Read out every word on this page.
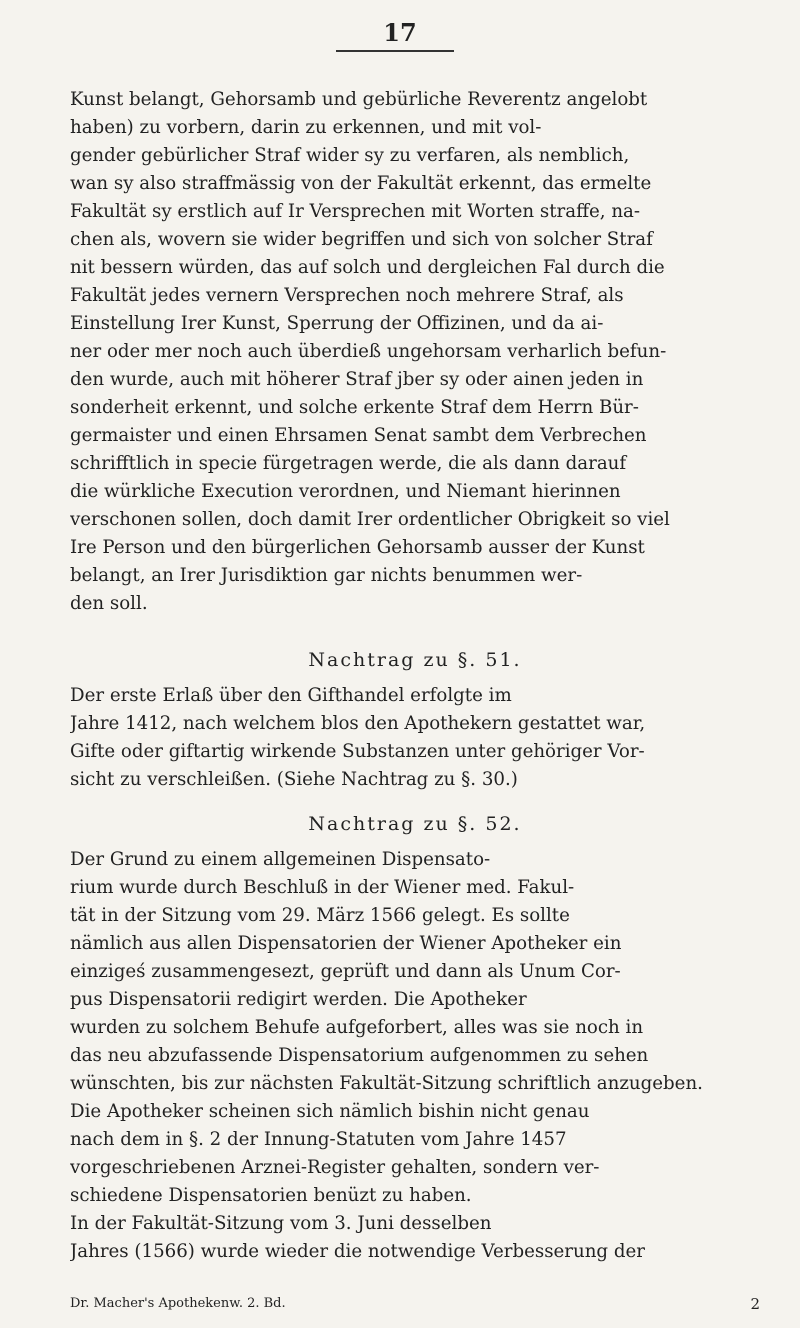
17
Kunst belangt, Gehorsamb und gebürliche Reverentz angelobt
haben) zu vorbern, darin zu erkennen, und mit vol-
gender gebürlicher Straf wider sy zu verfaren, als nemblich,
wan sy also straffmässig von der Fakultät erkennt, das ermelte
Fakultät sy erstlich auf Ir Versprechen mit Worten straffe, na-
chen als, wovern sie wider begriffen und sich von solcher Straf
nit bessern würden, das auf solch und dergleichen Fal durch die
Fakultät jedes vernern Versprechen noch mehrere Straf, als
Einstellung Irer Kunst, Sperrung der Offizinen, und da ai-
ner oder mer noch auch überdieß ungehorsam verharlich befun-
den wurde, auch mit höherer Straf jber sy oder ainen jeden in
sonderheit erkennt, und solche erkente Straf dem Herrn Bür-
germaister und einen Ehrsamen Senat sambt dem Verbrechen
schrifftlich in specie fürgetragen werde, die als dann darauf
die würkliche Execution verordnen, und Niemant hierinnen
verschonen sollen, doch damit Irer ordentlicher Obrigkeit so viel
Ire Person und den bürgerlichen Gehorsamb ausser der Kunst
belangt, an Irer Jurisdiktion gar nichts benummen wer-
den soll.
Nachtrag zu §. 51.
Der erste Erlaß über den Gifthandel erfolgte im
Jahre 1412, nach welchem blos den Apothekern gestattet war,
Gifte oder giftartig wirkende Substanzen unter gehöriger Vor-
sicht zu verschleißen. (Siehe Nachtrag zu §. 30.)
Nachtrag zu §. 52.
Der Grund zu einem allgemeinen Dispensato-
rium wurde durch Beschluß in der Wiener med. Fakul-
tät in der Sitzung vom 29. März 1566 gelegt. Es sollte
nämlich aus allen Dispensatorien der Wiener Apotheker ein
einzigeś zusammengesezt, geprüft und dann als Unum Cor-
pus Dispensatorii redigirt werden. Die Apotheker
wurden zu solchem Behufe aufgeforbert, alles was sie noch in
das neu abzufassende Dispensatorium aufgenommen zu sehen
wünschten, bis zur nächsten Fakultät-Sitzung schriftlich anzugeben.
Die Apotheker scheinen sich nämlich bishin nicht genau
nach dem in §. 2 der Innung-Statuten vom Jahre 1457
vorgeschriebenen Arznei-Register gehalten, sondern ver-
schiedene Dispensatorien benüzt zu haben.
In der Fakultät-Sitzung vom 3. Juni desselben
Jahres (1566) wurde wieder die notwendige Verbesserung der
Dr. Macher's Apothekenw. 2. Bd.	2
